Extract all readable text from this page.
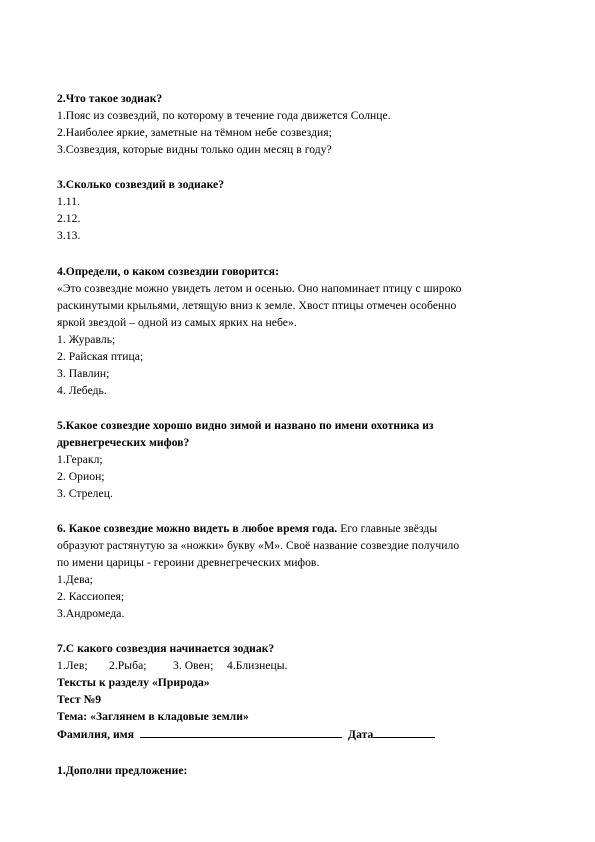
2.Что такое зодиак?
1.Пояс из созвездий, по которому в течение года движется Солнце.
2.Наиболее яркие, заметные на тёмном небе созвездия;
3.Созвездия, которые видны только один месяц в году?
3.Сколько созвездий в зодиаке?
1.11.
2.12.
3.13.
4.Определи, о каком созвездии говорится:
«Это созвездие можно увидеть летом и осенью. Оно напоминает птицу с широко
раскинутыми крыльями, летящую вниз к земле. Хвост птицы отмечен особенно
яркой звездой – одной из самых ярких на небе».
1. Журавль;
2. Райская птица;
3. Павлин;
4. Лебедь.
5.Какое созвездие хорошо видно зимой и названо по имени охотника из
древнегреческих мифов?
1.Геракл;
2. Орион;
3. Стрелец.
6. Какое созвездие можно видеть в любое время года. Его главные звёзды
образуют растянутую за «ножки» букву «М». Своё название созвездие получило
по имени царицы - героини древнегреческих мифов.
1.Дева;
2. Кассиопея;
3.Андромеда.
7.С какого созвездия начинается зодиак?
1.Лев; 2.Рыба; 3. Овен; 4.Близнецы.
Тексты к разделу «Природа»
Тест №9
Тема: «Заглянем в кладовые земли»
Фамилия, имя	Дата
1.Дополни предложение:
